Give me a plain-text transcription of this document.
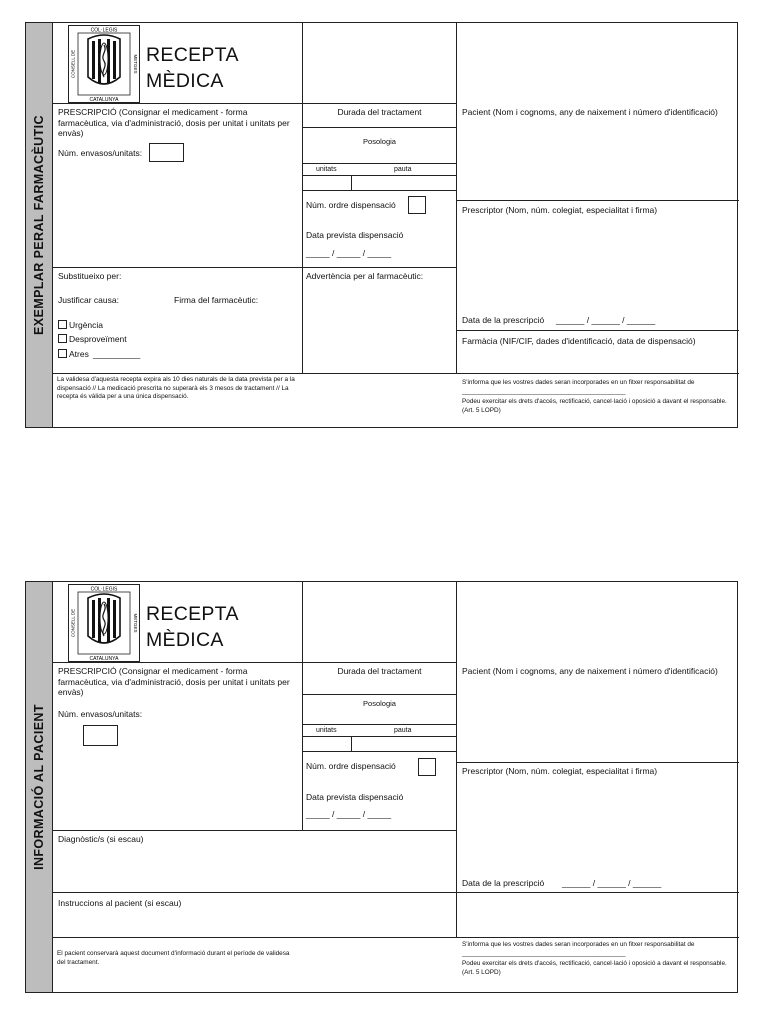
EXEMPLAR PERAL FARMACÈUTIC
COL·LEGIS
CATALUNYA
CONSELL DE	METGES RECEPTA
MÈDICA
PRESCRIPCIÓ (Consignar el medicament - forma farmacèutica, via d'administració, dosis per unitat i unitats per envàs)
Núm. envasos/unitats:
Durada del tractament
Posologia
unitats	pauta
Núm. ordre dispensació
Data prevista dispensació
_____ / _____ / _____
Substitueixo per:
Justificar causa:	Firma del farmacèutic:
Urgència
Desproveïment
Atres __________
Advertència per al farmacèutic:
Pacient (Nom i cognoms, any de naixement i número d'identificació)
Prescriptor (Nom, núm. colegiat, especialitat i firma)
Data de la prescripció ______ / ______ / ______
Farmàcia (NIF/CIF, dades d'identificació, data de dispensació)
La validesa d'aquesta recepta expira als 10 dies naturals de la data prevista per a la dispensació // La medicació prescrita no superarà els 3 mesos de tractament // La recepta és vàlida per a una única dispensació.
S'informa que les vostres dades seran incorporades en un fitxer responsabilitat de ______________________________________________
Podeu exercitar els drets d'accés, rectificació, cancel·lació i oposició a davant el responsable. (Art. 5 LOPD)
INFORMACIÓ AL PACIENT
COL·LEGIS
CATALUNYA
CONSELL DE	METGES RECEPTA
MÈDICA
PRESCRIPCIÓ (Consignar el medicament - forma farmacèutica, via d'administració, dosis per unitat i unitats per envàs)
Núm. envasos/unitats:
Durada del tractament
Posologia
unitats	pauta
Núm. ordre dispensació
Data prevista dispensació
_____ / _____ / _____
Diagnòstic/s (si escau)
Pacient (Nom i cognoms, any de naixement i número d'identificació)
Prescriptor (Nom, núm. colegiat, especialitat i firma)
Data de la prescripció ______ / ______ / ______
Instruccions al pacient (si escau)
El pacient conservarà aquest document d'informació durant el període de validesa del tractament.
S'informa que les vostres dades seran incorporades en un fitxer responsabilitat de ______________________________________________
Podeu exercitar els drets d'accés, rectificació, cancel·lació i oposició a davant el responsable. (Art. 5 LOPD)
